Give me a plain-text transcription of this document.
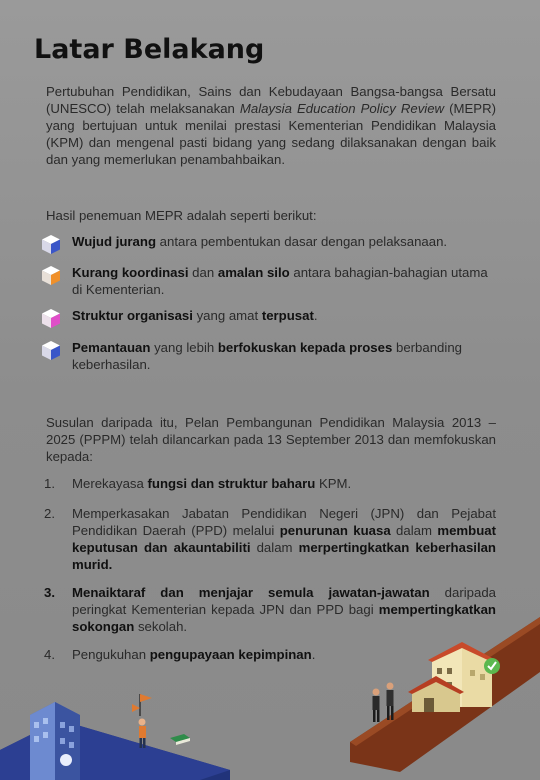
Latar Belakang

Pertubuhan Pendidikan, Sains dan Kebudayaan Bangsa-bangsa Bersatu (UNESCO) telah melaksanakan Malaysia Education Policy Review (MEPR) yang bertujuan untuk menilai prestasi Kementerian Pendidikan Malaysia (KPM) dan mengenal pasti bidang yang sedang dilaksanakan dengan baik dan yang memerlukan penambahbaikan.

Hasil penemuan MEPR adalah seperti berikut:

Wujud jurang antara pembentukan dasar dengan pelaksanaan.

Kurang koordinasi dan amalan silo antara bahagian-bahagian utama di Kementerian.

Struktur organisasi yang amat terpusat.

Pemantauan yang lebih berfokuskan kepada proses berbanding keberhasilan.

Susulan daripada itu, Pelan Pembangunan Pendidikan Malaysia 2013 – 2025 (PPPM) telah dilancarkan pada 13 September 2013 dan memfokuskan kepada:

1.	Merekayasa fungsi dan struktur baharu KPM.

2.	Memperkasakan Jabatan Pendidikan Negeri (JPN) dan Pejabat Pendidikan Daerah (PPD) melalui penurunan kuasa dalam membuat keputusan dan akauntabiliti dalam merpertingkatkan keberhasilan murid.

3.	Menaiktaraf dan menjajar semula jawatan-jawatan daripada peringkat Kementerian kepada JPN dan PPD bagi mempertingkatkan sokongan sekolah.

4.	Pengukuhan pengupayaan kepimpinan.
